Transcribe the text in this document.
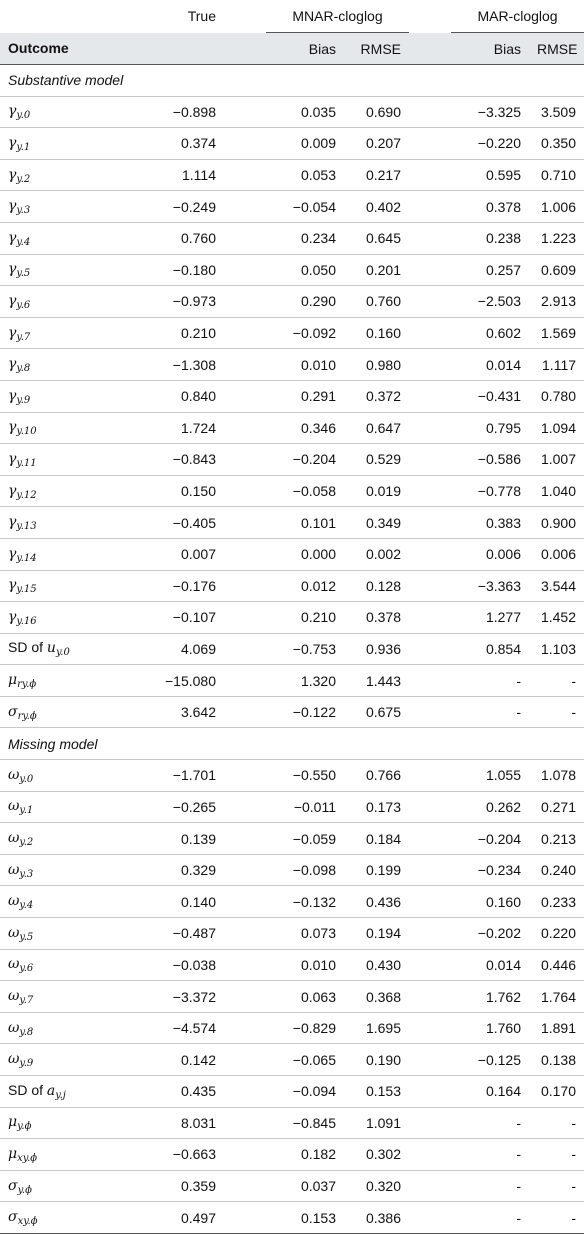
	True		MNAR-cloglog			MAR-cloglog	
Outcome			Bias	RMSE		Bias	RMSE
Substantive model							
$\gamma_{y.0}$	−0.898		0.035	0.690		−3.325	3.509
$\gamma_{y.1}$	0.374		0.009	0.207		−0.220	0.350
$\gamma_{y.2}$	1.114		0.053	0.217		0.595	0.710
$\gamma_{y.3}$	−0.249		−0.054	0.402		0.378	1.006
$\gamma_{y.4}$	0.760		0.234	0.645		0.238	1.223
$\gamma_{y.5}$	−0.180		0.050	0.201		0.257	0.609
$\gamma_{y.6}$	−0.973		0.290	0.760		−2.503	2.913
$\gamma_{y.7}$	0.210		−0.092	0.160		0.602	1.569
$\gamma_{y.8}$	−1.308		0.010	0.980		0.014	1.117
$\gamma_{y.9}$	0.840		0.291	0.372		−0.431	0.780
$\gamma_{y.10}$	1.724		0.346	0.647		0.795	1.094
$\gamma_{y.11}$	−0.843		−0.204	0.529		−0.586	1.007
$\gamma_{y.12}$	0.150		−0.058	0.019		−0.778	1.040
$\gamma_{y.13}$	−0.405		0.101	0.349		0.383	0.900
$\gamma_{y.14}$	0.007		0.000	0.002		0.006	0.006
$\gamma_{y.15}$	−0.176		0.012	0.128		−3.363	3.544
$\gamma_{y.16}$	−0.107		0.210	0.378		1.277	1.452
SD of $u_{y.0}$	4.069		−0.753	0.936		0.854	1.103
$\mu_{ry.\phi}$	−15.080		1.320	1.443		-	-
$\sigma_{ry.\phi}$	3.642		−0.122	0.675		-	-
Missing model							
$\omega_{y.0}$	−1.701		−0.550	0.766		1.055	1.078
$\omega_{y.1}$	−0.265		−0.011	0.173		0.262	0.271
$\omega_{y.2}$	0.139		−0.059	0.184		−0.204	0.213
$\omega_{y.3}$	0.329		−0.098	0.199		−0.234	0.240
$\omega_{y.4}$	0.140		−0.132	0.436		0.160	0.233
$\omega_{y.5}$	−0.487		0.073	0.194		−0.202	0.220
$\omega_{y.6}$	−0.038		0.010	0.430		0.014	0.446
$\omega_{y.7}$	−3.372		0.063	0.368		1.762	1.764
$\omega_{y.8}$	−4.574		−0.829	1.695		1.760	1.891
$\omega_{y.9}$	0.142		−0.065	0.190		−0.125	0.138
SD of $a_{y.j}$	0.435		−0.094	0.153		0.164	0.170
$\mu_{y.\phi}$	8.031		−0.845	1.091		-	-
$\mu_{xy.\phi}$	−0.663		0.182	0.302		-	-
$\sigma_{y.\phi}$	0.359		0.037	0.320		-	-
$\sigma_{xy.\phi}$	0.497		0.153	0.386		-	-
